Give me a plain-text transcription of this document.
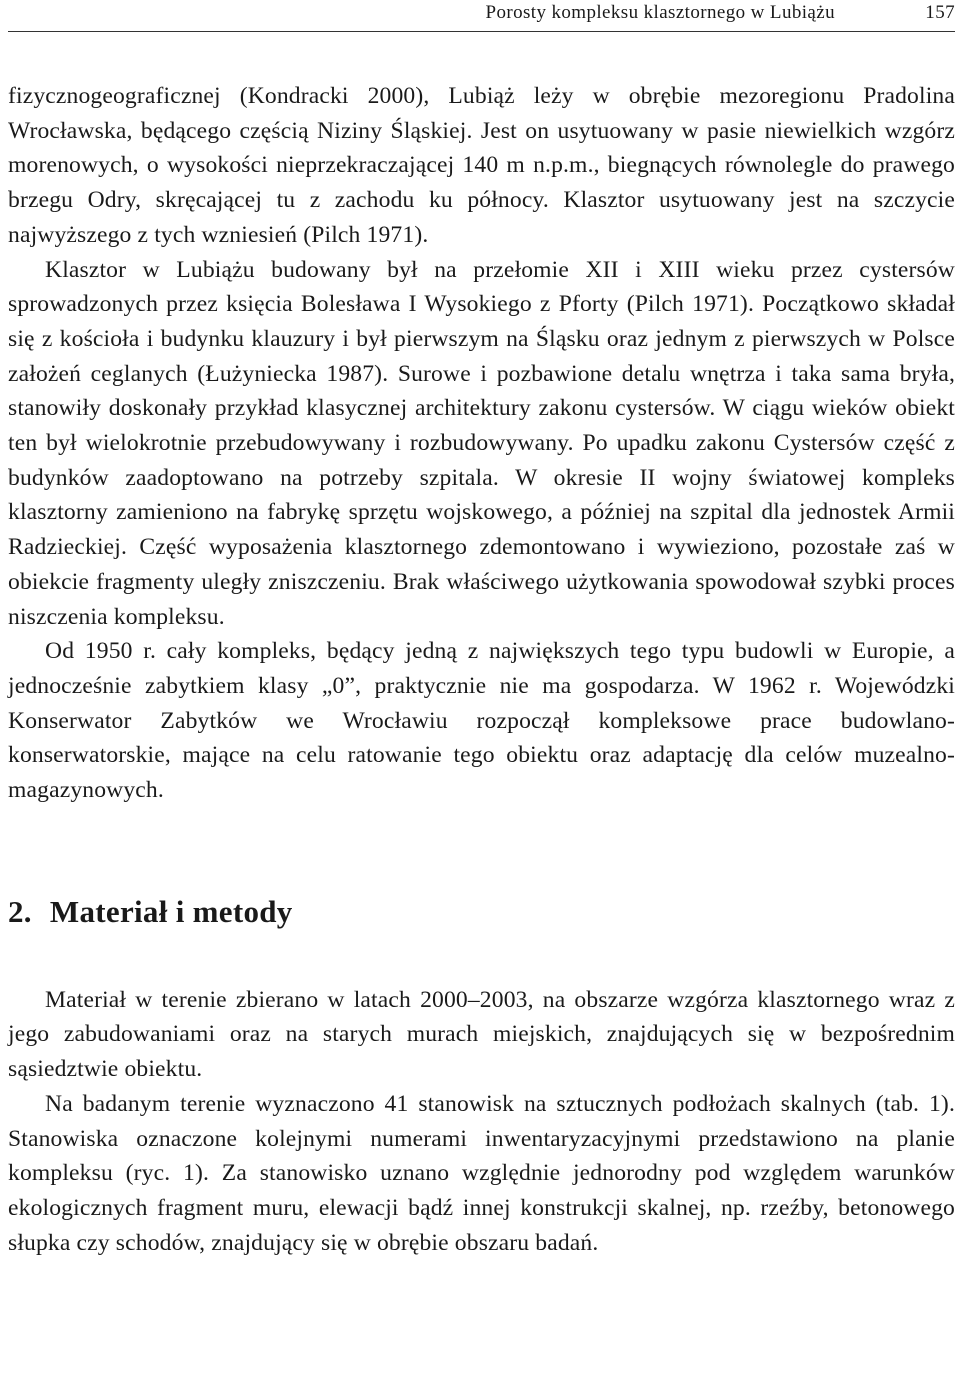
Porosty kompleksu klasztornego w Lubiążu	157

fizycznogeograficznej (Kondracki 2000), Lubiąż leży w obrębie mezoregionu Pradolina Wrocławska, będącego częścią Niziny Śląskiej. Jest on usytuowany w pasie niewielkich wzgórz morenowych, o wysokości nieprzekraczającej 140 m n.p.m., biegnących równolegle do prawego brzegu Odry, skręcającej tu z zachodu ku północy. Klasztor usytuowany jest na szczycie najwyższego z tych wzniesień (Pilch 1971).

Klasztor w Lubiążu budowany był na przełomie XII i XIII wieku przez cystersów sprowadzonych przez księcia Bolesława I Wysokiego z Pforty (Pilch 1971). Początkowo składał się z kościoła i budynku klauzury i był pierwszym na Śląsku oraz jednym z pierwszych w Polsce założeń ceglanych (Łużyniecka 1987). Surowe i pozbawione detalu wnętrza i taka sama bryła, stanowiły doskonały przykład klasycznej architektury zakonu cystersów. W ciągu wieków obiekt ten był wielokrotnie przebudowywany i rozbudowywany. Po upadku zakonu Cystersów część z budynków zaadoptowano na potrzeby szpitala. W okresie II wojny światowej kompleks klasztorny zamieniono na fabrykę sprzętu wojskowego, a później na szpital dla jednostek Armii Radzieckiej. Część wyposażenia klasztornego zdemontowano i wywieziono, pozostałe zaś w obiekcie fragmenty uległy zniszczeniu. Brak właściwego użytkowania spowodował szybki proces niszczenia kompleksu.

Od 1950 r. cały kompleks, będący jedną z największych tego typu budowli w Europie, a jednocześnie zabytkiem klasy „0”, praktycznie nie ma gospodarza. W 1962 r. Wojewódzki Konserwator Zabytków we Wrocławiu rozpoczął kompleksowe prace budowlano-konserwatorskie, mające na celu ratowanie tego obiektu oraz adaptację dla celów muzealno-magazynowych.

2. Materiał i metody

Materiał w terenie zbierano w latach 2000–2003, na obszarze wzgórza klasztornego wraz z jego zabudowaniami oraz na starych murach miejskich, znajdujących się w bezpośrednim sąsiedztwie obiektu.

Na badanym terenie wyznaczono 41 stanowisk na sztucznych podłożach skalnych (tab. 1). Stanowiska oznaczone kolejnymi numerami inwentaryzacyjnymi przedstawiono na planie kompleksu (ryc. 1). Za stanowisko uznano względnie jednorodny pod względem warunków ekologicznych fragment muru, elewacji bądź innej konstrukcji skalnej, np. rzeźby, betonowego słupka czy schodów, znajdujący się w obrębie obszaru badań.
